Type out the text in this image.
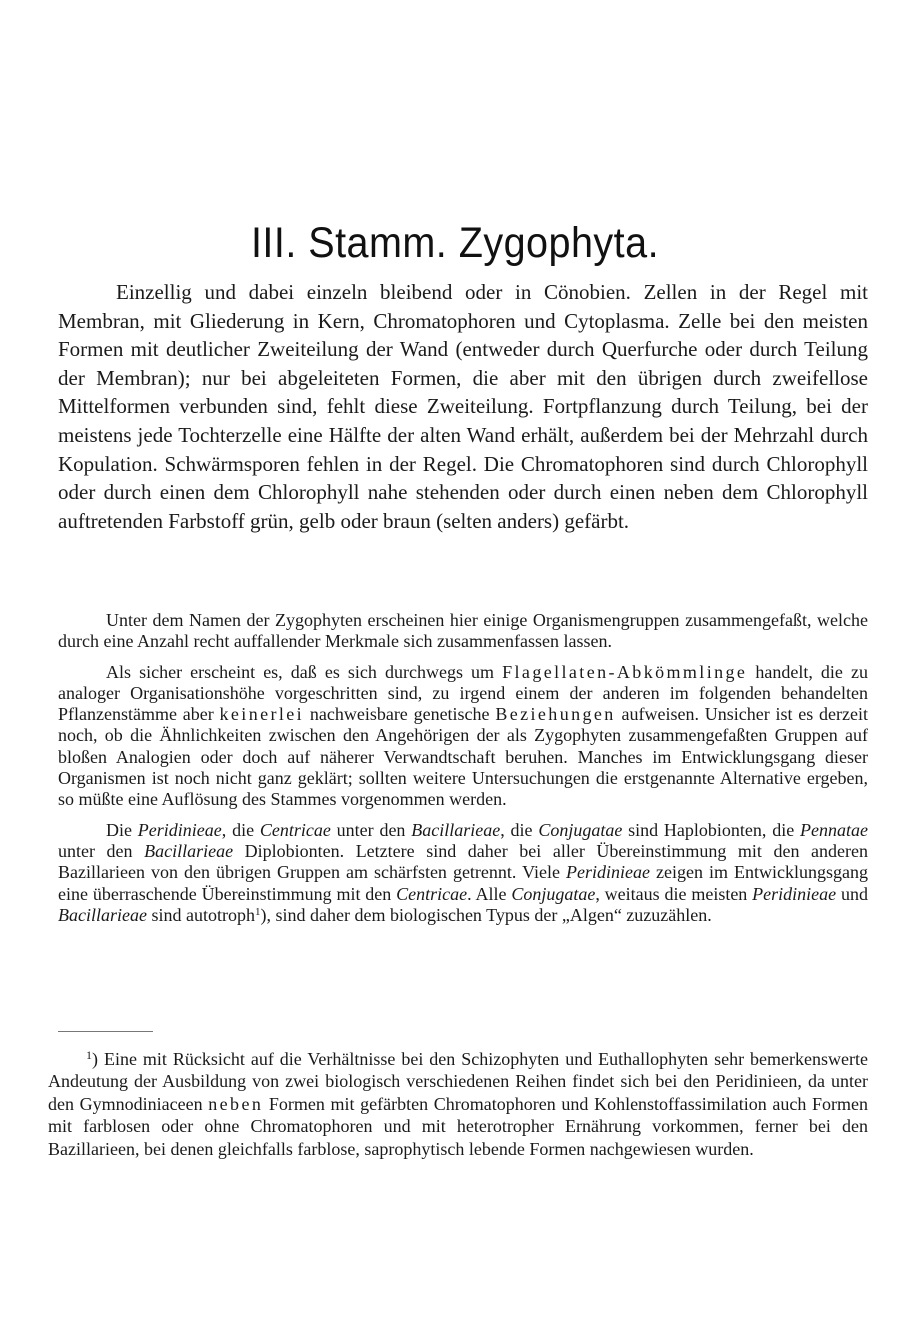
III. Stamm. Zygophyta.

Einzellig und dabei einzeln bleibend oder in Cönobien. Zellen in der Regel mit Membran, mit Gliederung in Kern, Chromatophoren und Cytoplasma. Zelle bei den meisten Formen mit deutlicher Zweiteilung der Wand (entweder durch Querfurche oder durch Teilung der Membran); nur bei abgeleiteten Formen, die aber mit den übrigen durch zweifellose Mittelformen verbunden sind, fehlt diese Zweiteilung. Fortpflanzung durch Teilung, bei der meistens jede Tochterzelle eine Hälfte der alten Wand erhält, außerdem bei der Mehrzahl durch Kopulation. Schwärmsporen fehlen in der Regel. Die Chromatophoren sind durch Chlorophyll oder durch einen dem Chlorophyll nahe stehenden oder durch einen neben dem Chlorophyll auftretenden Farbstoff grün, gelb oder braun (selten anders) gefärbt.

Unter dem Namen der Zygophyten erscheinen hier einige Organismengruppen zusammengefaßt, welche durch eine Anzahl recht auffallender Merkmale sich zusammenfassen lassen.

Als sicher erscheint es, daß es sich durchwegs um Flagellaten-Abkömmlinge handelt, die zu analoger Organisationshöhe vorgeschritten sind, zu irgend einem der anderen im folgenden behandelten Pflanzenstämme aber keinerlei nachweisbare genetische Beziehungen aufweisen. Unsicher ist es derzeit noch, ob die Ähnlichkeiten zwischen den Angehörigen der als Zygophyten zusammengefaßten Gruppen auf bloßen Analogien oder doch auf näherer Verwandtschaft beruhen. Manches im Entwicklungsgang dieser Organismen ist noch nicht ganz geklärt; sollten weitere Untersuchungen die erstgenannte Alternative ergeben, so müßte eine Auflösung des Stammes vorgenommen werden.

Die Peridinieae, die Centricae unter den Bacillarieae, die Conjugatae sind Haplobionten, die Pennatae unter den Bacillarieae Diplobionten. Letztere sind daher bei aller Übereinstimmung mit den anderen Bazillarieen von den übrigen Gruppen am schärfsten getrennt. Viele Peridinieae zeigen im Entwicklungsgang eine überraschende Übereinstimmung mit den Centricae. Alle Conjugatae, weitaus die meisten Peridinieae und Bacillarieae sind autotroph$^1$), sind daher dem biologischen Typus der „Algen“ zuzuzählen.

$^1$) Eine mit Rücksicht auf die Verhältnisse bei den Schizophyten und Euthallophyten sehr bemerkenswerte Andeutung der Ausbildung von zwei biologisch verschiedenen Reihen findet sich bei den Peridinieen, da unter den Gymnodiniaceen neben Formen mit gefärbten Chromatophoren und Kohlenstoffassimilation auch Formen mit farblosen oder ohne Chromatophoren und mit heterotropher Ernährung vorkommen, ferner bei den Bazillarieen, bei denen gleichfalls farblose, saprophytisch lebende Formen nachgewiesen wurden.
